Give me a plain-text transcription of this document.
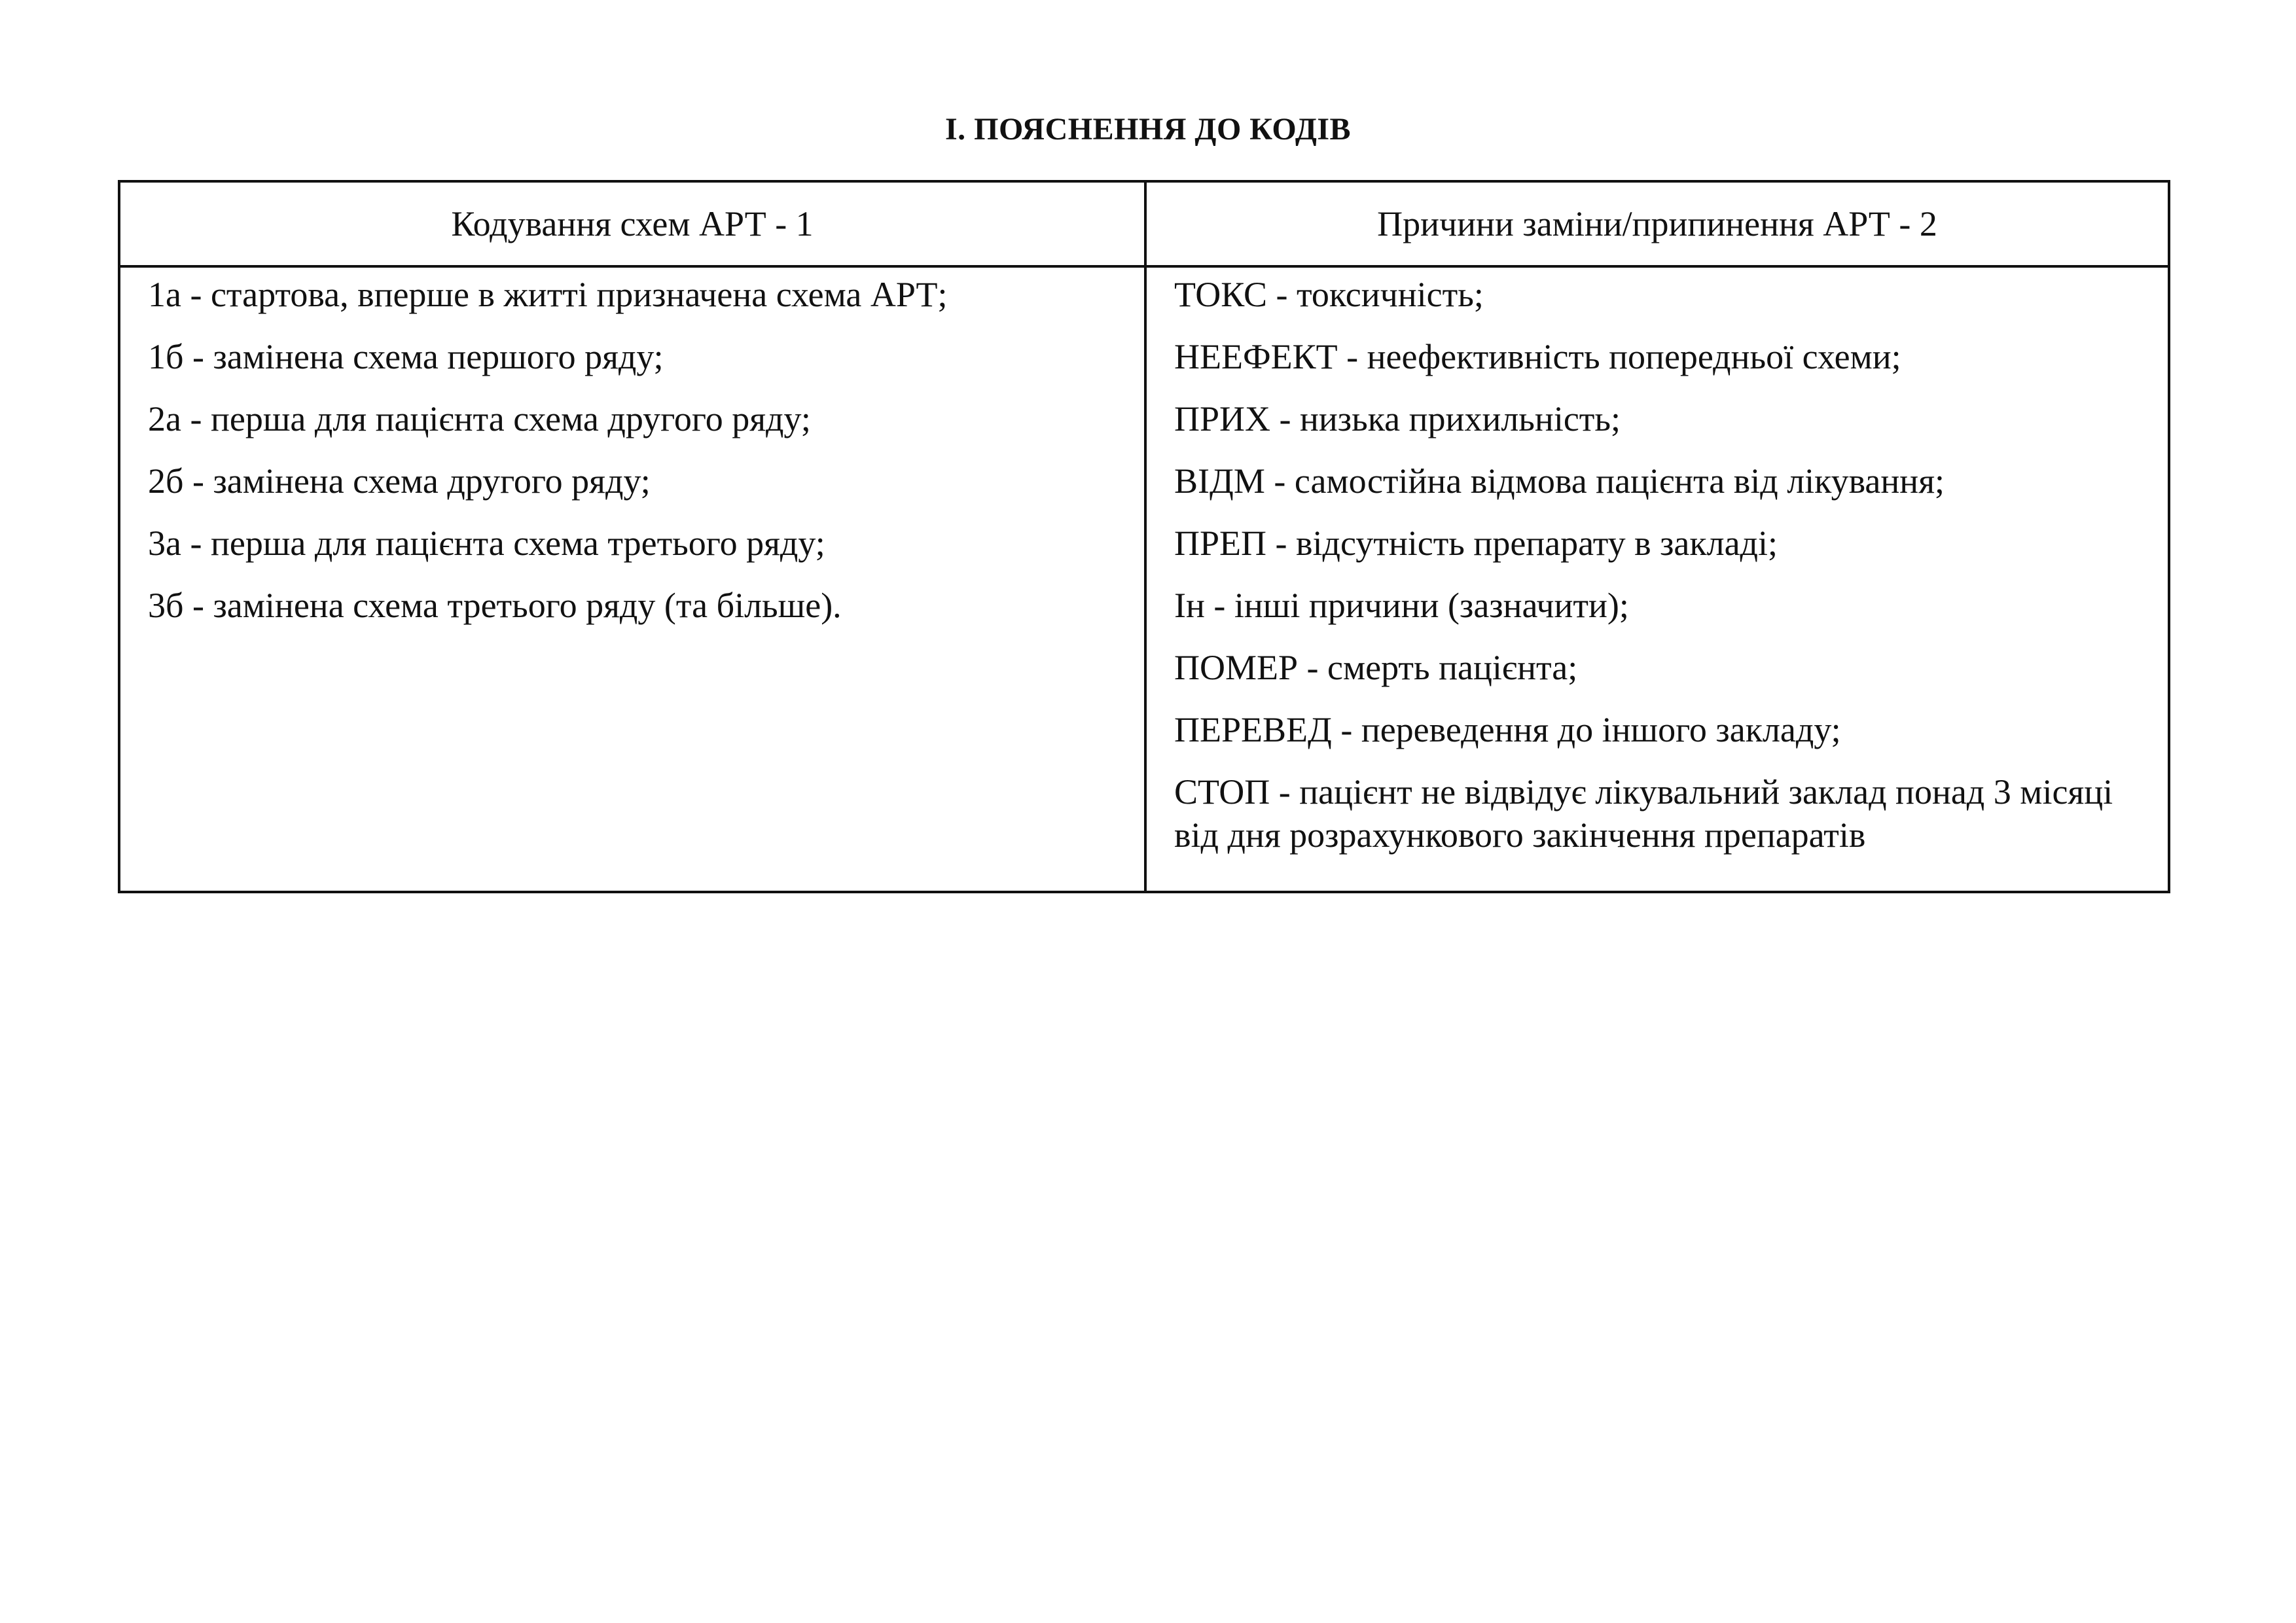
I. ПОЯСНЕННЯ ДО КОДІВ
Кодування схем АРТ - 1	Причини заміни/припинення АРТ - 2
1а - стартова, вперше в житті призначена схема АРТ;
1б - замінена схема першого ряду;
2а - перша для пацієнта схема другого ряду;
2б - замінена схема другого ряду;
3а - перша для пацієнта схема третього ряду;
3б - замінена схема третього ряду (та більше).
ТОКС - токсичність;
НЕЕФЕКТ - неефективність попередньої схеми;
ПРИХ - низька прихильність;
ВІДМ - самостійна відмова пацієнта від лікування;
ПРЕП - відсутність препарату в закладі;
Ін - інші причини (зазначити);
ПОМЕР - смерть пацієнта;
ПЕРЕВЕД - переведення до іншого закладу;
СТОП - пацієнт не відвідує лікувальний заклад понад 3 місяці від дня розрахункового закінчення препаратів
